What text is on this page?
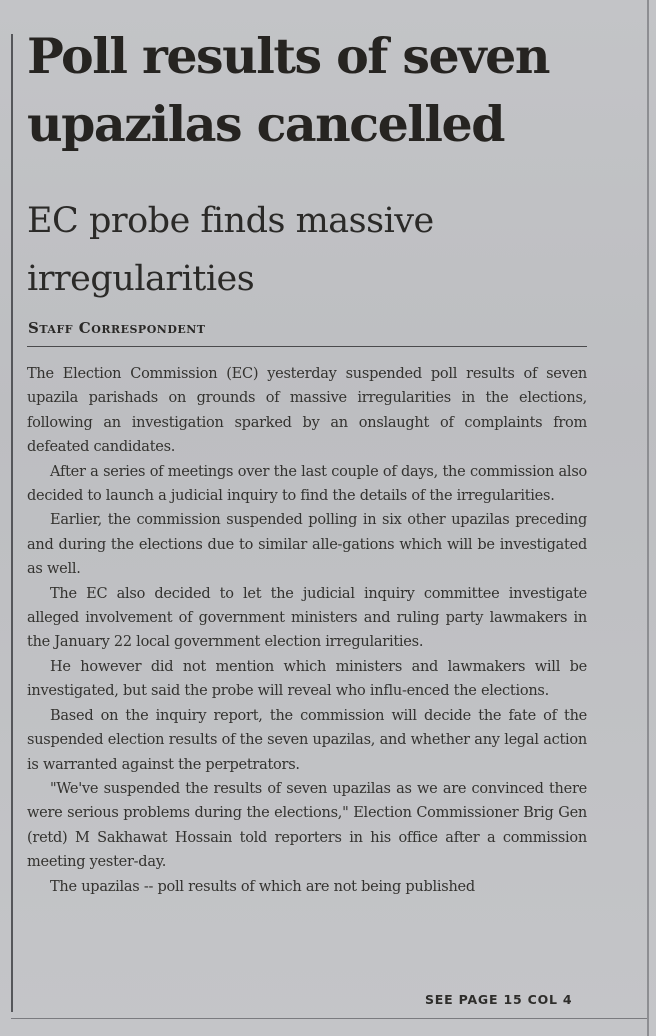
Poll results of seven upazilas cancelled
EC probe finds massive irregularities
Staff Correspondent

The Election Commission (EC) yesterday suspended poll results of seven upazila parishads on grounds of massive irregularities in the elections, following an investigation sparked by an onslaught of complaints from defeated candidates.

After a series of meetings over the last couple of days, the commission also decided to launch a judicial inquiry to find the details of the irregularities.

Earlier, the commission suspended polling in six other upazilas preceding and during the elections due to similar alle-gations which will be investigated as well.

The EC also decided to let the judicial inquiry committee investigate alleged involvement of government ministers and ruling party lawmakers in the January 22 local government election irregularities.

He however did not mention which ministers and lawmakers will be investigated, but said the probe will reveal who influ-enced the elections.

Based on the inquiry report, the commission will decide the fate of the suspended election results of the seven upazilas, and whether any legal action is warranted against the perpetrators.

"We've suspended the results of seven upazilas as we are convinced there were serious problems during the elections," Election Commissioner Brig Gen (retd) M Sakhawat Hossain told reporters in his office after a commission meeting yester-day.

The upazilas -- poll results of which are not being published

SEE PAGE 15 COL 4
